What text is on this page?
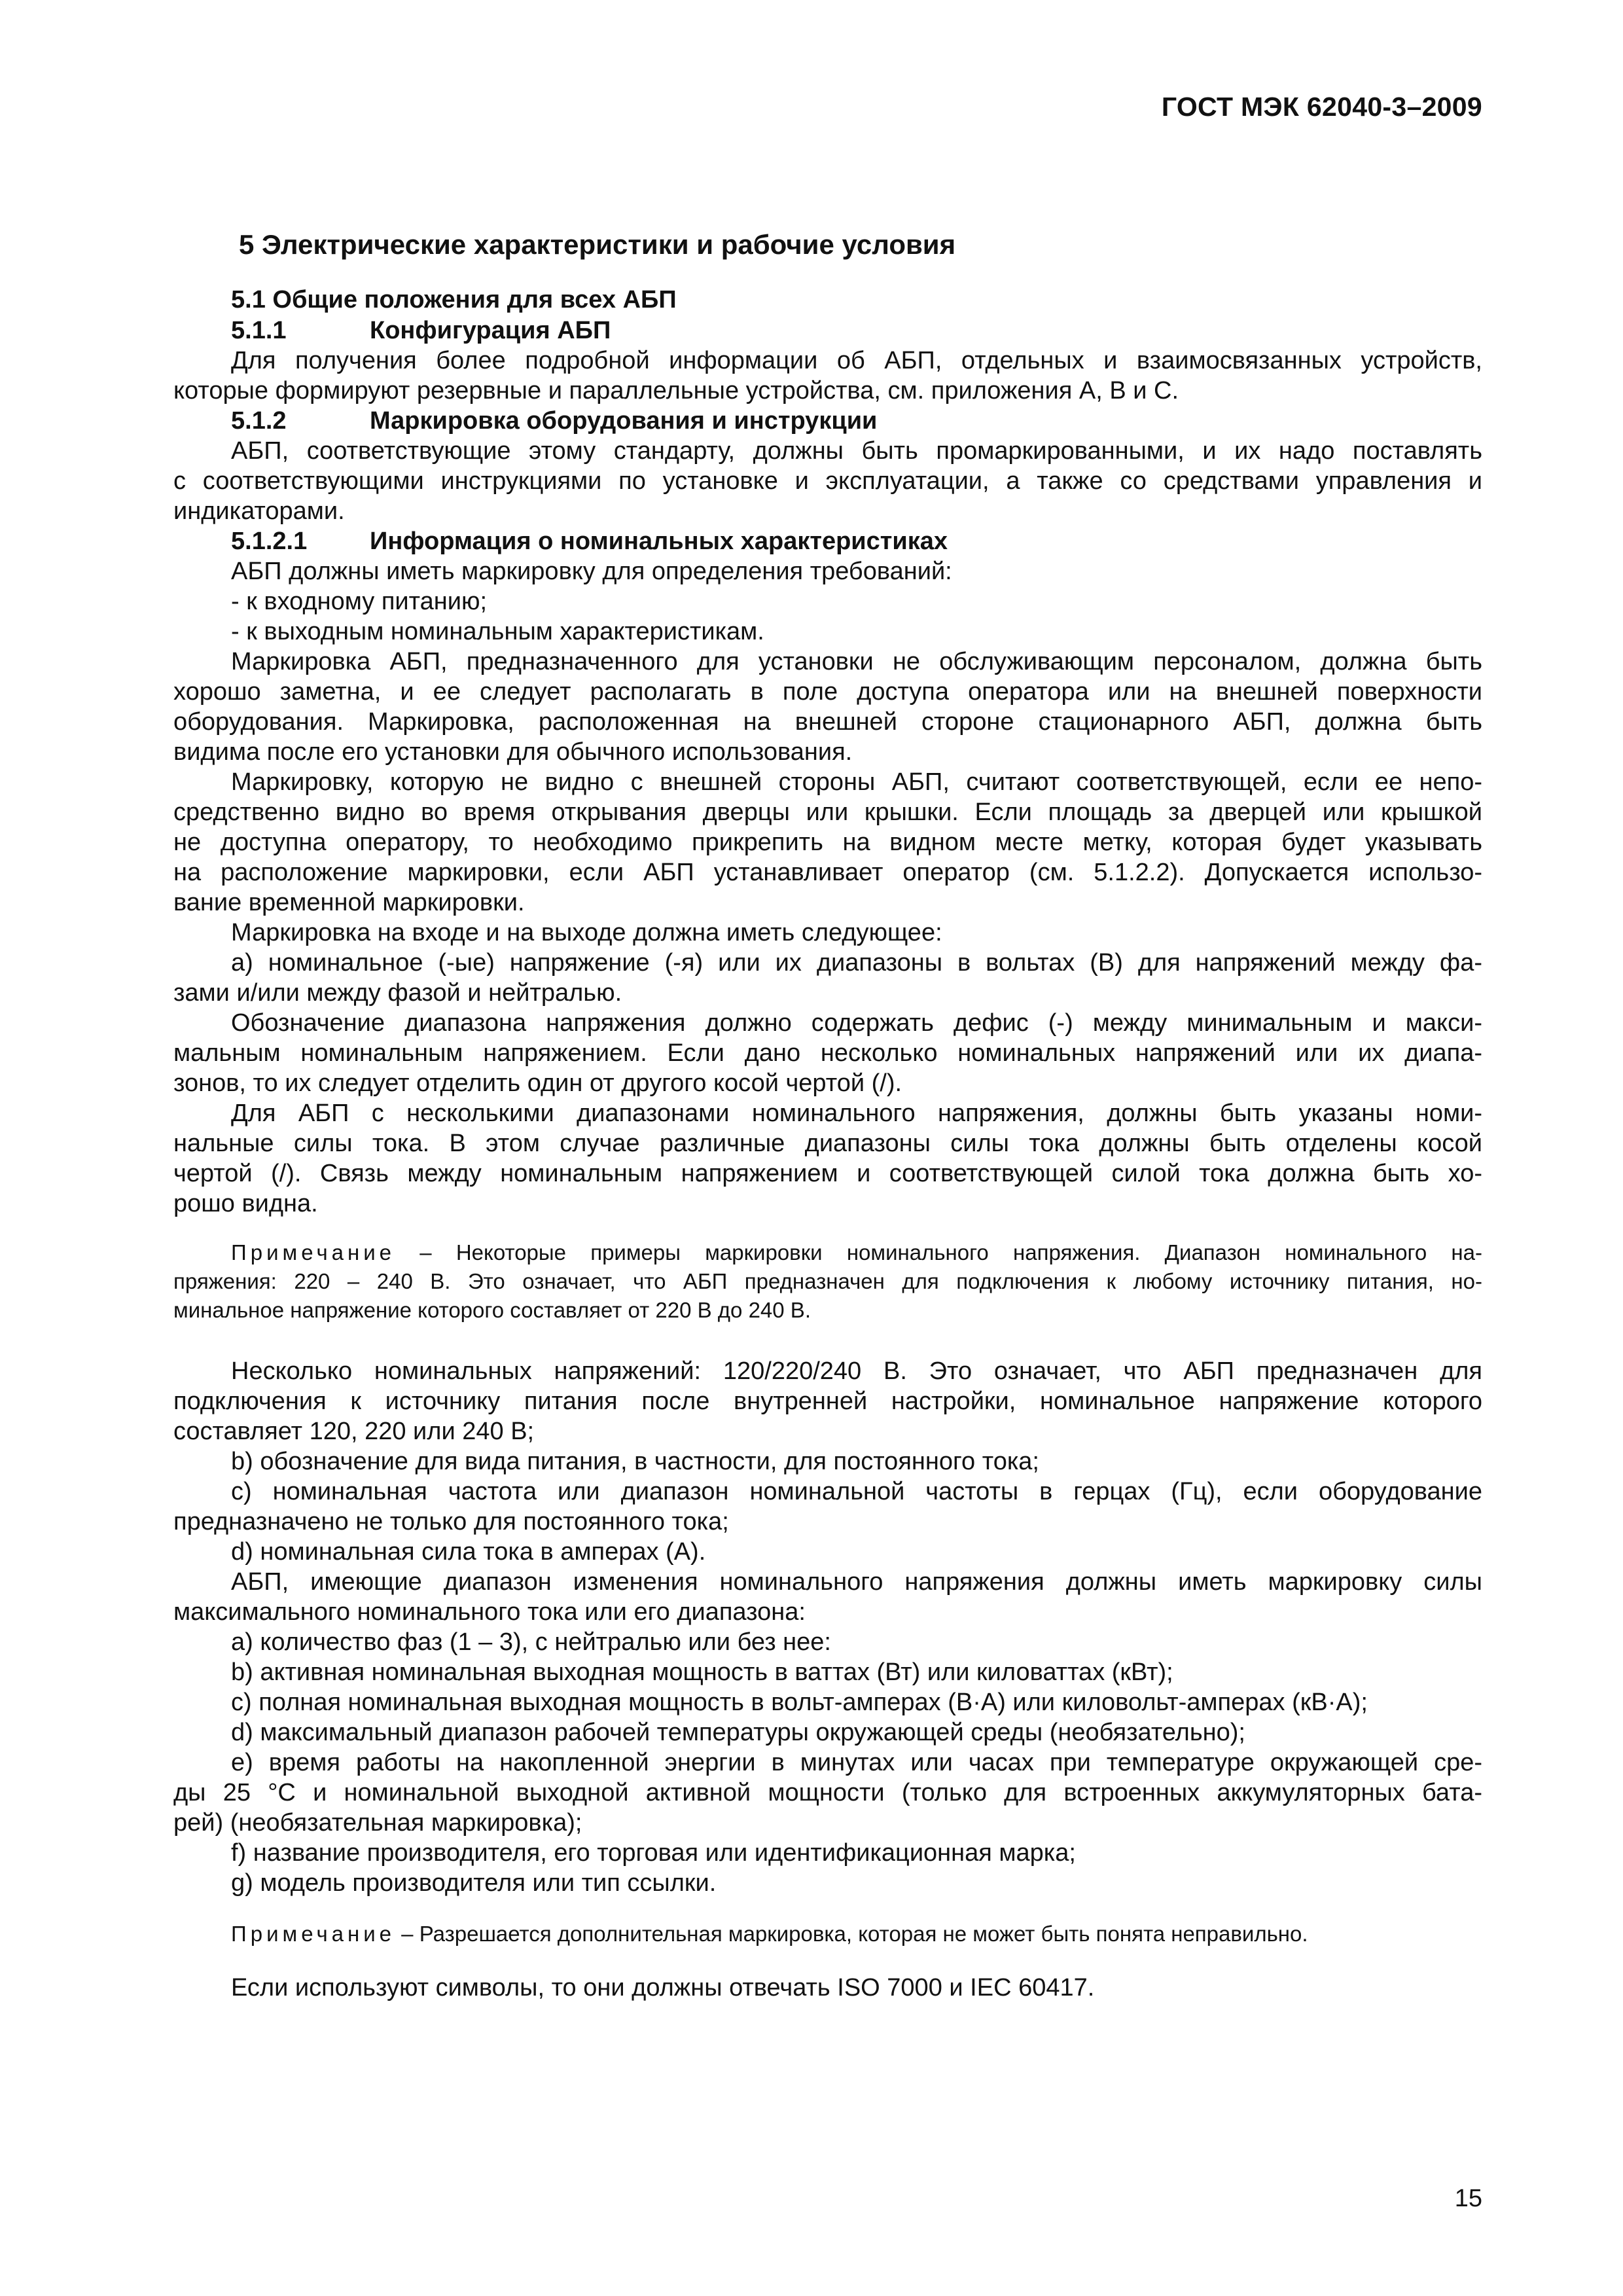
ГОСТ МЭК 62040-3–2009
5 Электрические характеристики и рабочие условия
5.1 Общие положения для всех АБП
5.1.1	Конфигурация АБП
Для получения более подробной информации об АБП, отдельных и взаимосвязанных устройств,
которые формируют резервные и параллельные устройства, см. приложения А, В и С.
5.1.2	Маркировка оборудования и инструкции
АБП, соответствующие этому стандарту, должны быть промаркированными, и их надо поставлять
с соответствующими инструкциями по установке и эксплуатации, а также со средствами управления и
индикаторами.
5.1.2.1	Информация о номинальных характеристиках
АБП должны иметь маркировку для определения требований:
- к входному питанию;
- к выходным номинальным характеристикам.
Маркировка АБП, предназначенного для установки не обслуживающим персоналом, должна быть
хорошо заметна, и ее следует располагать в поле доступа оператора или на внешней поверхности
оборудования. Маркировка, расположенная на внешней стороне стационарного АБП, должна быть
видима после его установки для обычного использования.
Маркировку, которую не видно с внешней стороны АБП, считают соответствующей, если ее непо-
средственно видно во время открывания дверцы или крышки. Если площадь за дверцей или крышкой
не доступна оператору, то необходимо прикрепить на видном месте метку, которая будет указывать
на расположение маркировки, если АБП устанавливает оператор (см. 5.1.2.2). Допускается использо-
вание временной маркировки.
Маркировка на входе и на выходе должна иметь следующее:
а) номинальное (-ые) напряжение (-я) или их диапазоны в вольтах (В) для напряжений между фа-
зами и/или между фазой и нейтралью.
Обозначение диапазона напряжения должно содержать дефис (-) между минимальным и макси-
мальным номинальным напряжением. Если дано несколько номинальных напряжений или их диапа-
зонов, то их следует отделить один от другого косой чертой (/).
Для АБП с несколькими диапазонами номинального напряжения, должны быть указаны номи-
нальные силы тока. В этом случае различные диапазоны силы тока должны быть отделены косой
чертой (/). Связь между номинальным напряжением и соответствующей силой тока должна быть хо-
рошо видна.
Примечание – Некоторые примеры маркировки номинального напряжения. Диапазон номинального на-
пряжения: 220 – 240 В. Это означает, что АБП предназначен для подключения к любому источнику питания, но-
минальное напряжение которого составляет от 220 В до 240 В.
Несколько номинальных напряжений: 120/220/240 В. Это означает, что АБП предназначен для
подключения к источнику питания после внутренней настройки, номинальное напряжение которого
составляет 120, 220 или 240 В;
b) обозначение для вида питания, в частности, для постоянного тока;
c) номинальная частота или диапазон номинальной частоты в герцах (Гц), если оборудование
предназначено не только для постоянного тока;
d) номинальная сила тока в амперах (А).
АБП, имеющие диапазон изменения номинального напряжения должны иметь маркировку силы
максимального номинального тока или его диапазона:
а) количество фаз (1 – 3), с нейтралью или без нее:
b) активная номинальная выходная мощность в ваттах (Вт) или киловаттах (кВт);
c) полная номинальная выходная мощность в вольт-амперах (В·А) или киловольт-амперах (кВ·А);
d) максимальный диапазон рабочей температуры окружающей среды (необязательно);
е) время работы на накопленной энергии в минутах или часах при температуре окружающей сре-
ды 25 °С и номинальной выходной активной мощности (только для встроенных аккумуляторных бата-
рей) (необязательная маркировка);
f) название производителя, его торговая или идентификационная марка;
g) модель производителя или тип ссылки.
Примечание – Разрешается дополнительная маркировка, которая не может быть понята неправильно.
Если используют символы, то они должны отвечать ISO 7000 и IEC 60417.
15
